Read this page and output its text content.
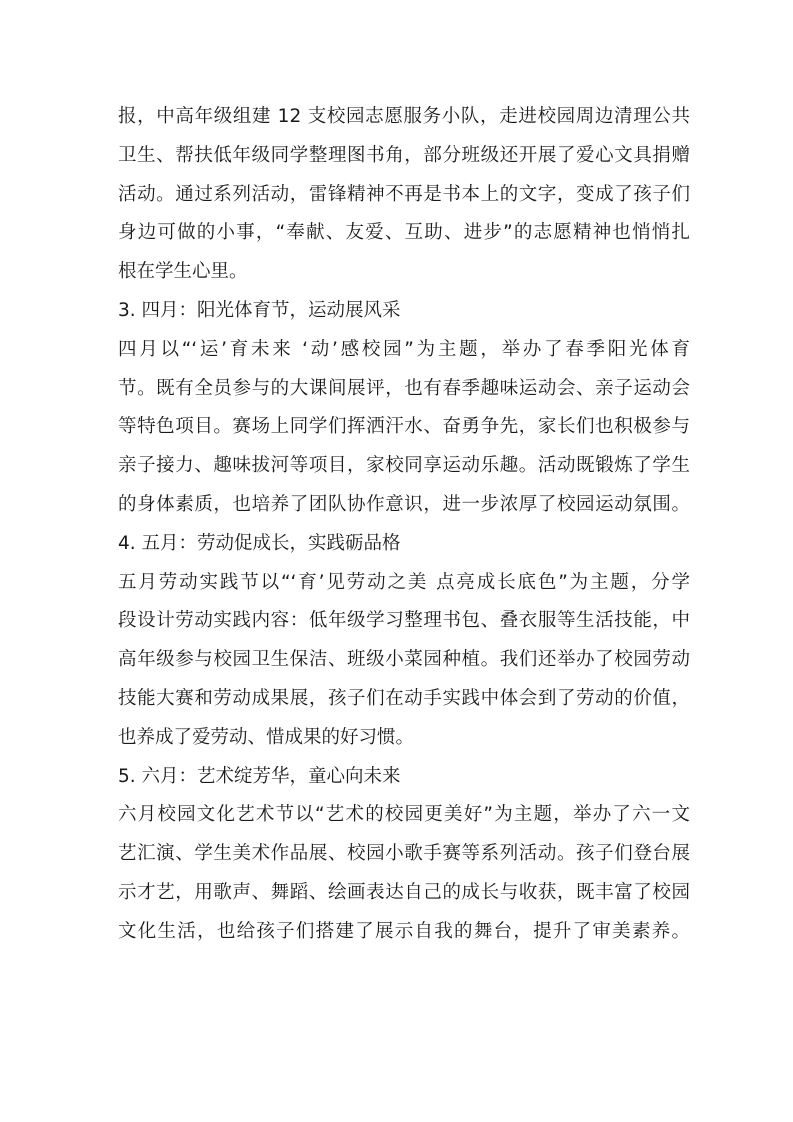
报，中高年级组建 12 支校园志愿服务小队，走进校园周边清理公共
卫生、帮扶低年级同学整理图书角，部分班级还开展了爱心文具捐赠
活动。通过系列活动，雷锋精神不再是书本上的文字，变成了孩子们
身边可做的小事，“奉献、友爱、互助、进步”的志愿精神也悄悄扎
根在学生心里。
3. 四月：阳光体育节，运动展风采
四月以“‘运’育未来 ‘动’感校园”为主题，举办了春季阳光体育
节。既有全员参与的大课间展评，也有春季趣味运动会、亲子运动会
等特色项目。赛场上同学们挥洒汗水、奋勇争先，家长们也积极参与
亲子接力、趣味拔河等项目，家校同享运动乐趣。活动既锻炼了学生
的身体素质，也培养了团队协作意识，进一步浓厚了校园运动氛围。
4. 五月：劳动促成长，实践砺品格
五月劳动实践节以“‘育’见劳动之美 点亮成长底色”为主题，分学
段设计劳动实践内容：低年级学习整理书包、叠衣服等生活技能，中
高年级参与校园卫生保洁、班级小菜园种植。我们还举办了校园劳动
技能大赛和劳动成果展，孩子们在动手实践中体会到了劳动的价值，
也养成了爱劳动、惜成果的好习惯。
5. 六月：艺术绽芳华，童心向未来
六月校园文化艺术节以“艺术的校园更美好”为主题，举办了六一文
艺汇演、学生美术作品展、校园小歌手赛等系列活动。孩子们登台展
示才艺，用歌声、舞蹈、绘画表达自己的成长与收获，既丰富了校园
文化生活，也给孩子们搭建了展示自我的舞台，提升了审美素养。
